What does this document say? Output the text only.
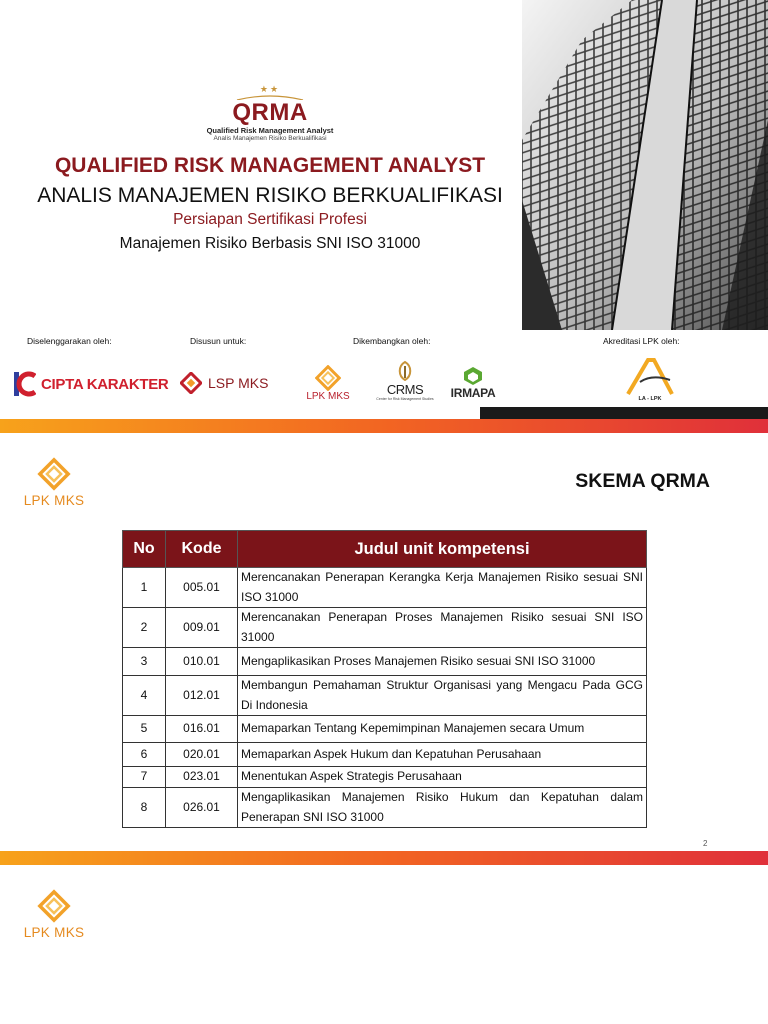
★★
QRMA
Qualified Risk Management Analyst
Analis Manajemen Risiko Berkualifikasi
QUALIFIED RISK MANAGEMENT ANALYST
ANALIS MANAJEMEN RISIKO BERKUALIFIKASI
Persiapan Sertifikasi Profesi
Manajemen Risiko Berbasis SNI ISO 31000
Diselenggarakan oleh:	Disusun untuk:	Dikembangkan oleh:	Akreditasi LPK oleh:
CIPTA KARAKTER	LSP MKS
LPK MKS	CRMS
Center for Risk Management Studies	IRMAPA	LA - LPK
LPK MKS
SKEMA QRMA
No	Kode	Judul unit kompetensi
1	005.01	Merencanakan Penerapan Kerangka Kerja Manajemen Risiko sesuai SNI ISO 31000
2	009.01	Merencanakan Penerapan Proses Manajemen Risiko sesuai SNI ISO 31000
3	010.01	Mengaplikasikan Proses Manajemen Risiko sesuai SNI ISO 31000
4	012.01	Membangun Pemahaman Struktur Organisasi yang Mengacu Pada GCG Di Indonesia
5	016.01	Memaparkan Tentang Kepemimpinan Manajemen secara Umum
6	020.01	Memaparkan Aspek Hukum dan Kepatuhan Perusahaan
7	023.01	Menentukan Aspek Strategis Perusahaan
8	026.01	Mengaplikasikan Manajemen Risiko Hukum dan Kepatuhan dalam Penerapan SNI ISO 31000
2
LPK MKS
